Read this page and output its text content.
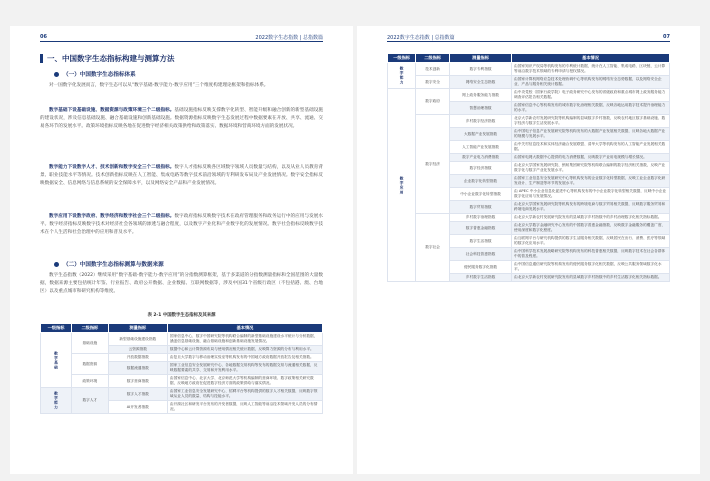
06	2022数字生态指数 | 总指数篇
一、中国数字生态指标构建与测算方法
（一）中国数字生态指标体系
对一国数字化发展而言，数字生态可以从“数字基础-数字能力-数字应用”三个维度构建理论框架和指标体系。
数字基础下设基础设施、数据资源与政策环境三个二级指标。基础设施指标反映支撑数字化转型、智能升级和融合创新的新型基础设施的建设状况，涉及信息基础设施、融合基础设施和创新基础设施。数据资源指标反映数字生态发展过程中数据要素在开放、共享、流通、交易各环节的发展水平。政策环境指标反映各地在促进数字经济相关政策供给和政策落实、数据环境和营商环境方面的发展状况。
数字能力下设数字人才、技术创新和数字安全三个二级指标。数字人才指标反映各区域数字领域人员数量与结构，以及从业人员教育背景、职业技能水平等情况。技术创新指标反映在人工智能、集成电路等数字技术前沿领域的专利研发布局及产业发展情况。数字安全指标反映数据安全、信息网络与信息系统的安全保障水平，以及网络安全产品和产业发展情况。
数字应用下设数字政府、数字经济和数字社会三个二级指标。数字政府指标反映数字技术在政府管理服务和政务运行中的应用与发展水平。数字经济指标反映数字技术对经济社会各领域的渗透与融合程度，以及数字产业化和产业数字化的发展情况。数字社会指标反映数字技术在个人生活和社会治理中的应用和普及水平。
（二）中国数字生态指标测算与数据来源
数字生态指数（2022）继续采用“数字基础-数字能力-数字应用”的分指数测算框架，基于多渠道的分指数测量指标和全国范围的大量数据，数据来源主要包括统计年鉴、行业报告、政府公开数据、企业数据、互联网数据等，涉及中国31个省级行政区（不包括港、澳、台地区）以及重点城市和研究机构等维度。
表 2-1 中国数字生态指标及其来源
一级指标	二级指标	测量指标	基本情况
数字基础	基础设施	新型基础设施建设指数	国家信息中心、数字中国研究院等机构联合编制的新型基础设施建设水平统计与分析数据，涵盖信息基础设施、融合基础设施和创新基础设施发展情况。
		云资源指数	数据中心和云计算资源布局与使用情况相关统计数据，反映算力资源的分布与利用水平。
	数据资源	开放数据指数	由复旦大学数字与移动治理实验室等机构发布的中国地方政府数据开放报告及相关指数。
		数据流通指数	国家工业信息安全发展研究中心、各地数据交易机构等发布的数据交易与流通相关数据，反映数据要素的共享、交易和开发利用水平。
	政策环境	数字营商指数	由国家信息中心、北京大学、北京师范大学等机构编制的营商环境、数字政策相关研究数据，反映地方政府在促进数字经济方面的政策供给与落实情况。
数字能力	数字人才	数字人才指数	由国家工业信息安全发展研究中心、招聘平台等机构提供的数字人才相关数据，反映数字领域从业人员的数量、结构与技能水平。
		AI开发者指数	由开源社区和研发平台发布的开发者数据，反映人工智能等前沿技术领域开发人员的分布情况。
2022数字生态指数 | 总指数篇	07
一级指标	二级指标	测量指标	基本情况
数字能力	技术创新	数字专利指数	由国家知识产权局等机构发布的专利统计数据，统计在人工智能、集成电路、区块链、云计算等前沿数字技术领域的专利申请与授权情况。
	数字安全	网络安全生态指数	由国家计算机网络应急技术处理协调中心等机构发布的网络安全态势数据，以及网络安全企业、产品与服务相关统计数据。
数字应用	数字政府	网上政务服务能力指数	由中央党校（国家行政学院）电子政务研究中心发布的省级政府和重点城市网上政务服务能力调查评估报告相关数据。
		智慧治理指数	由国家信息中心等机构发布的城市数字化治理相关数据，反映各地运用数字技术提升治理能力的水平。
	数字经济	乡村数字经济指数	北京大学新农村发展研究院等机构编制的县域数字乡村指数，反映农村地区数字基础设施、数字经济与数字生活发展水平。
		大数据产业发展指数	由中国电子信息产业发展研究院等机构发布的大数据产业发展相关数据，反映各地大数据产业的规模与发展水平。
		人工智能产业发展指数	由中关村信息技术和实体经济融合发展联盟、清华大学等机构发布的人工智能产业发展相关数据。
		数字产业电力消费指数	由国家电网大数据中心提供的电力消费数据，反映数字产业用电规模与增长情况。
		数字经济指数	由北京大学国家发展研究院、蚂蚁集团研究院等机构联合编制的数字经济相关指数，反映产业数字化与数字产业化发展水平。
		企业数字化转型指数	由国家工业信息安全发展研究中心等机构发布的企业数字化转型数据，反映工业企业数字化研发设计、生产制造等环节的发展水平。
		中小企业数字化转型指数	由 APEC 中小企业信息化促进中心等机构发布的中小企业数字化转型相关数据，反映中小企业数字化应用与发展情况。
		数字贸易指数	由北京大学国家发展研究院等机构发布的跨境电商与数字贸易相关数据，反映数字服务贸易和跨境电商发展水平。
	数字社会	乡村数字治理指数	由北京大学新农村发展研究院发布的县域数字乡村指数中的乡村治理数字化相关指标数据。
		数字普惠金融指数	由北京大学数字金融研究中心发布的中国数字普惠金融指数，反映数字金融服务的覆盖广度、使用深度和数字化程度。
		数字生活指数	由互联网平台与研究机构提供的数字生活服务相关数据，反映居民在出行、消费、医疗等领域的数字化应用水平。
		社会科技普惠指数	由中国科学技术发展战略研究院等机构发布的科技普惠相关数据，反映数字技术在社会各群体中的普及程度。
		便民服务数字化指数	由中国信息通信研究院等机构发布的便民服务数字化相关数据，反映公共服务领域数字化水平。
		乡村数字生活指数	由北京大学新农村发展研究院发布的县域数字乡村指数中的乡村生活数字化相关指标数据。
